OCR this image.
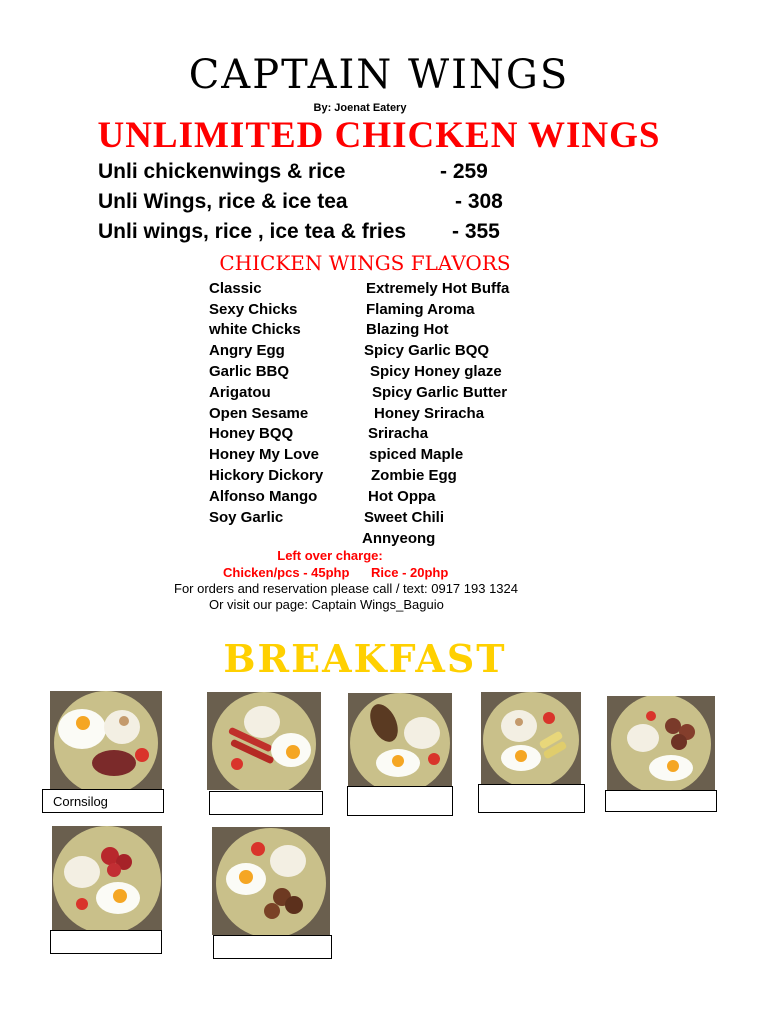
CAPTAIN WINGS
By: Joenat Eatery
UNLIMITED CHICKEN WINGS
Unli chickenwings & rice	- 259
Unli Wings, rice & ice tea	- 308
Unli wings, rice , ice tea & fries - 355
CHICKEN WINGS FLAVORS
Classic
Sexy Chicks
white Chicks
Angry Egg
Garlic BBQ
Arigatou
Open Sesame
Honey BQQ
Honey My Love
Hickory Dickory
Alfonso Mango
Soy Garlic
Extremely Hot Buffa
Flaming Aroma
Blazing Hot
Spicy Garlic BQQ
Spicy Honey glaze
Spicy Garlic Butter
Honey Sriracha
Sriracha
spiced Maple
Zombie Egg
Hot Oppa
Sweet Chili
Annyeong
Left over charge:
Chicken/pcs - 45php Rice - 20php
For orders and reservation please call / text: 0917 193 1324
Or visit our page: Captain Wings_Baguio
BREAKFAST
Cornsilog
